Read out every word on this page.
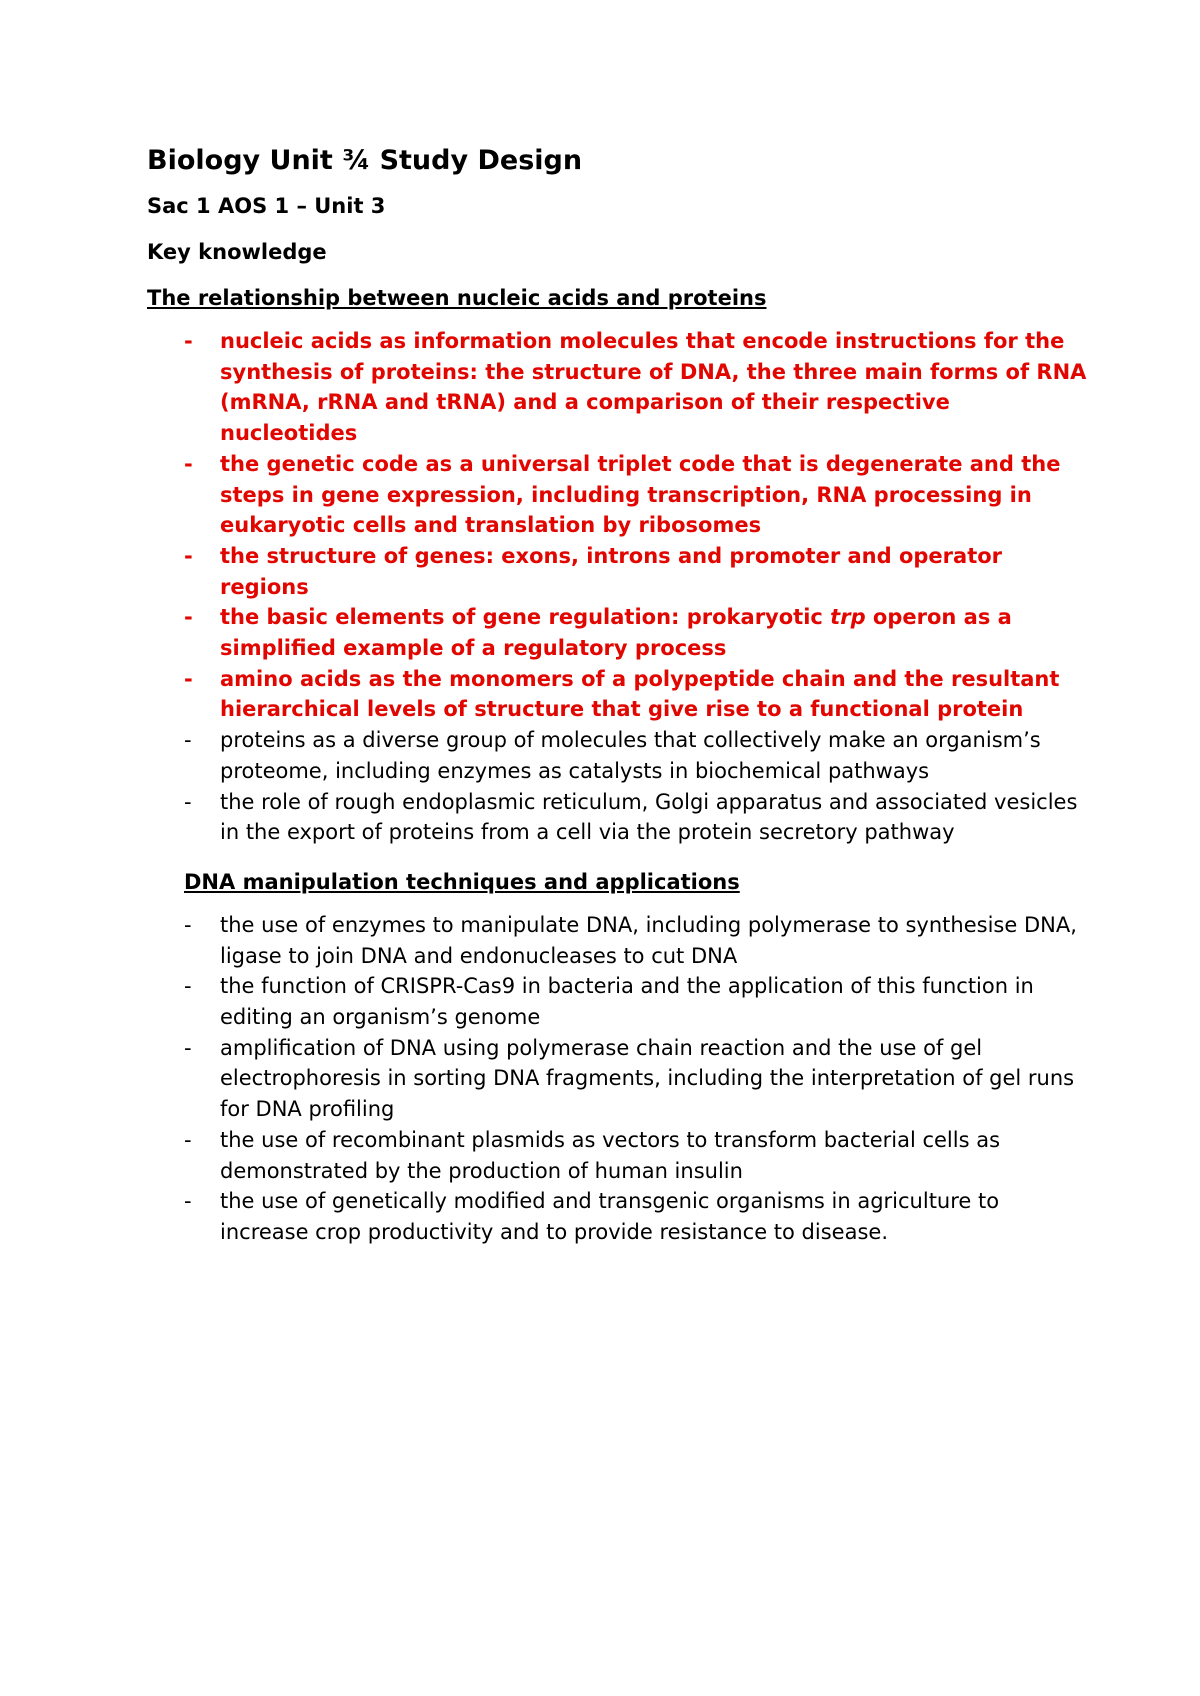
Biology Unit ¾ Study Design
Sac 1 AOS 1 – Unit 3
Key knowledge
The relationship between nucleic acids and proteins
- nucleic acids as information molecules that encode instructions for the synthesis of proteins: the structure of DNA, the three main forms of RNA (mRNA, rRNA and tRNA) and a comparison of their respective nucleotides
- the genetic code as a universal triplet code that is degenerate and the steps in gene expression, including transcription, RNA processing in eukaryotic cells and translation by ribosomes
- the structure of genes: exons, introns and promoter and operator regions
- the basic elements of gene regulation: prokaryotic trp operon as a simplified example of a regulatory process
- amino acids as the monomers of a polypeptide chain and the resultant hierarchical levels of structure that give rise to a functional protein
- proteins as a diverse group of molecules that collectively make an organism’s proteome, including enzymes as catalysts in biochemical pathways
- the role of rough endoplasmic reticulum, Golgi apparatus and associated vesicles in the export of proteins from a cell via the protein secretory pathway
DNA manipulation techniques and applications
- the use of enzymes to manipulate DNA, including polymerase to synthesise DNA, ligase to join DNA and endonucleases to cut DNA
- the function of CRISPR-Cas9 in bacteria and the application of this function in editing an organism’s genome
- amplification of DNA using polymerase chain reaction and the use of gel electrophoresis in sorting DNA fragments, including the interpretation of gel runs for DNA profiling
- the use of recombinant plasmids as vectors to transform bacterial cells as demonstrated by the production of human insulin
- the use of genetically modified and transgenic organisms in agriculture to increase crop productivity and to provide resistance to disease.
